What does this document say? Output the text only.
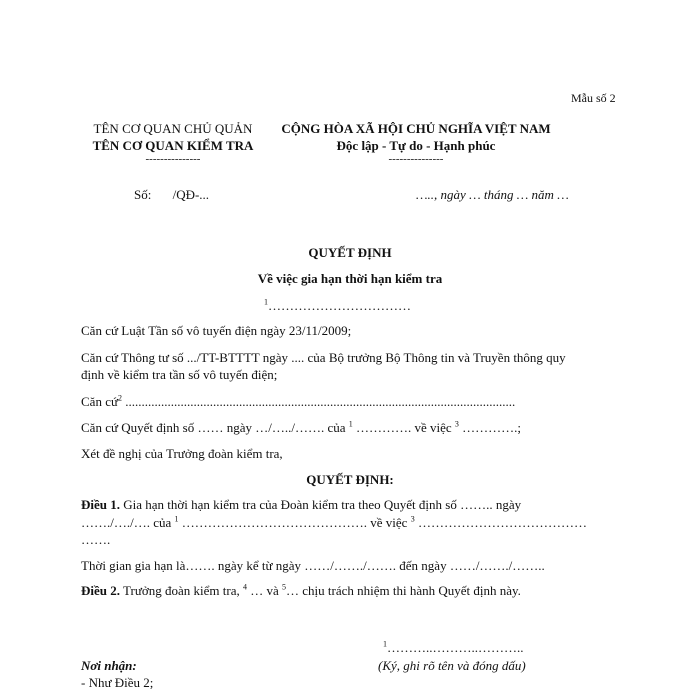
Mẫu số 2
TÊN CƠ QUAN CHỦ QUẢN
TÊN CƠ QUAN KIỂM TRA
---------------
CỘNG HÒA XÃ HỘI CHỦ NGHĨA VIỆT NAM
Độc lập - Tự do - Hạnh phúc
---------------
Số: /QĐ-...	….., ngày … tháng … năm …
QUYẾT ĐỊNH
Về việc gia hạn thời hạn kiểm tra
$^1$……………………………
Căn cứ Luật Tần số vô tuyến điện ngày 23/11/2009;
Căn cứ Thông tư số .../TT-BTTTT ngày .... của Bộ trưởng Bộ Thông tin và Truyền thông quy
định về kiểm tra tần số vô tuyến điện;
Căn cứ$^2$ ........................................................................................................................
Căn cứ Quyết định số …… ngày …/…../……. của $^1$ …………. về việc $^3$ ………….;
Xét đề nghị của Trưởng đoàn kiểm tra,
QUYẾT ĐỊNH:
Điều 1. Gia hạn thời hạn kiểm tra của Đoàn kiểm tra theo Quyết định số …….. ngày
……./…./…. của $^1$ ……………………………………. về việc $^3$ …………………………………
…….
Thời gian gia hạn là……. ngày kể từ ngày ……/……./……. đến ngày ……/……./……..
Điều 2. Trưởng đoàn kiểm tra, $^4$ … và $^5$… chịu trách nhiệm thi hành Quyết định này.
$^1$………..………..………..
(Ký, ghi rõ tên và đóng dấu)
Nơi nhận:
- Như Điều 2;
